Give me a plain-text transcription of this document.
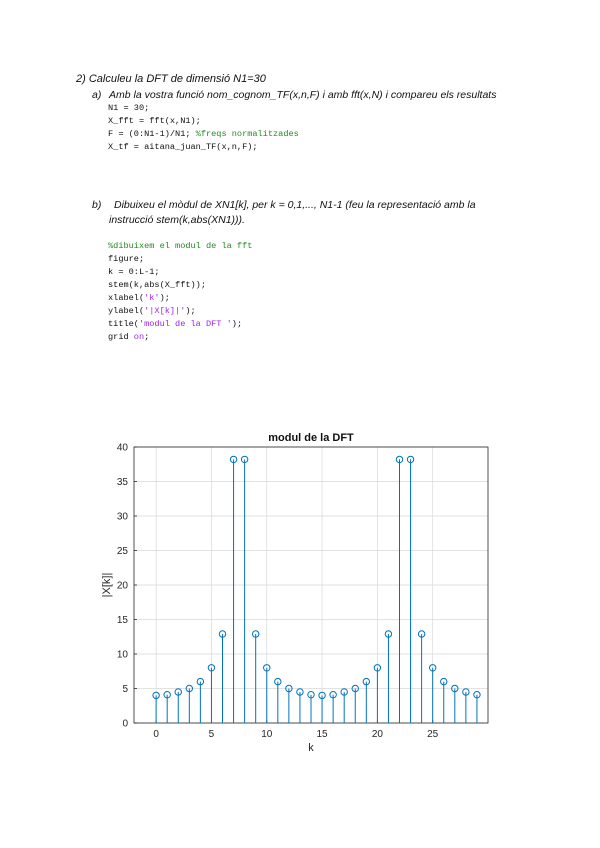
2) Calculeu la DFT de dimensió N1=30
a) Amb la vostra funció nom_cognom_TF(x,n,F) i amb fft(x,N) i compareu els resultats
N1 = 30;
X_fft = fft(x,N1);
F = (0:N1-1)/N1; %freqs normalitzades
X_tf = aitana_juan_TF(x,n,F);
b) Dibuixeu el mòdul de XN1[k], per k = 0,1,..., N1-1 (feu la representació amb la
instrucció stem(k,abs(XN1))).
%dibuixem el modul de la fft
figure;
k = 0:L-1;
stem(k,abs(X_fft));
xlabel('k');
ylabel('|X[k]|');
title('modul de la DFT ');
grid on;
0	5	10	15	20	25
0
5
10
15
20
25
30
35
40
modul de la DFT
k
|X[k]|
